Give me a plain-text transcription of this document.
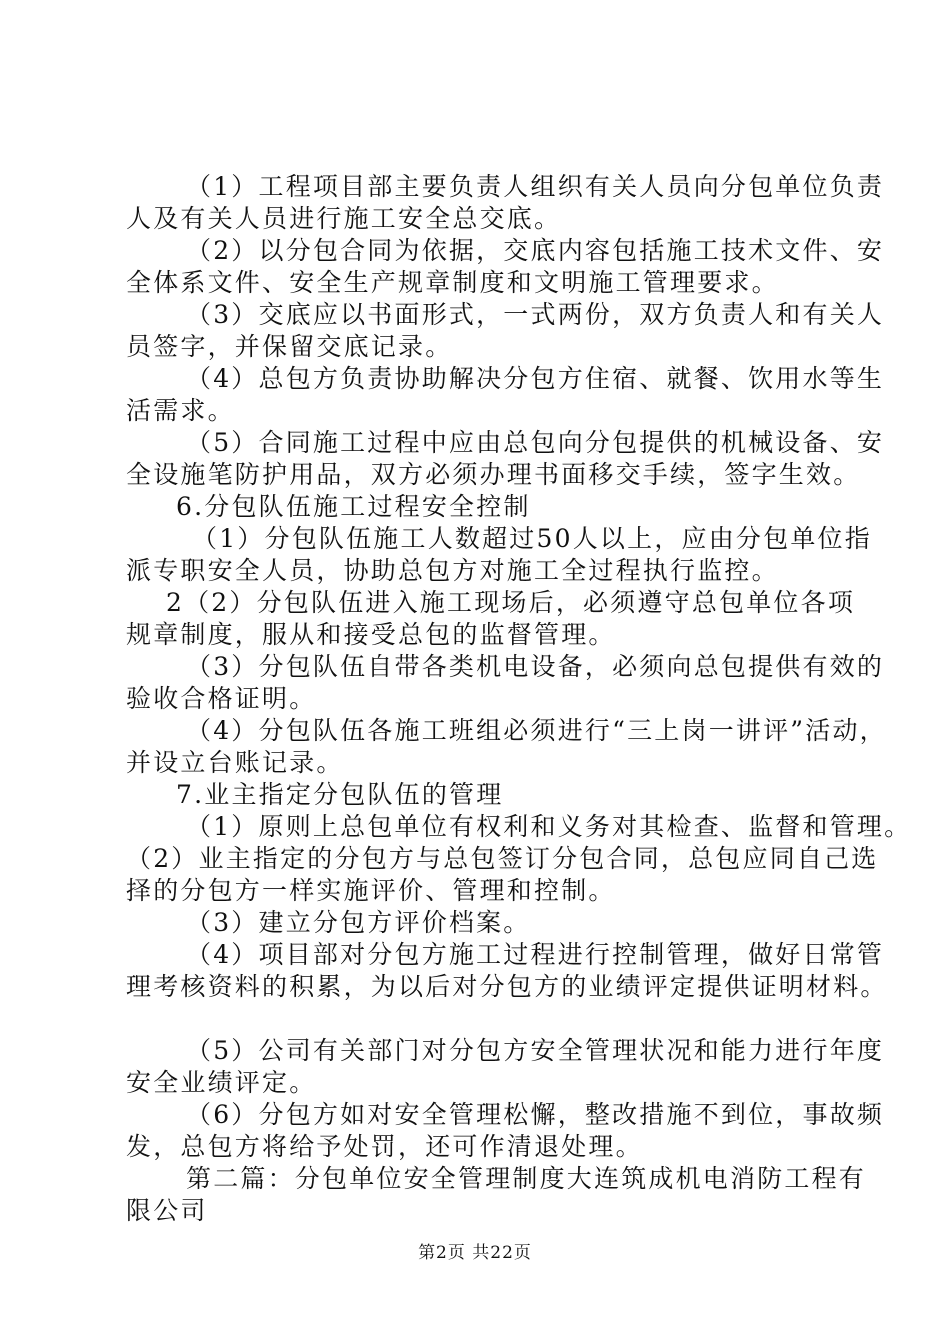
（1）工程项目部主要负责人组织有关人员向分包单位负责
人及有关人员进行施工安全总交底。
（2）以分包合同为依据，交底内容包括施工技术文件、安
全体系文件、安全生产规章制度和文明施工管理要求。
（3）交底应以书面形式，一式两份，双方负责人和有关人
员签字，并保留交底记录。
（4）总包方负责协助解决分包方住宿、就餐、饮用水等生
活需求。
（5）合同施工过程中应由总包向分包提供的机械设备、安
全设施笔防护用品，双方必须办理书面移交手续，签字生效。
6.分包队伍施工过程安全控制
（1）分包队伍施工人数超过50人以上，应由分包单位指
派专职安全人员，协助总包方对施工全过程执行监控。
2（2）分包队伍进入施工现场后，必须遵守总包单位各项
规章制度，服从和接受总包的监督管理。
（3）分包队伍自带各类机电设备，必须向总包提供有效的
验收合格证明。
（4）分包队伍各施工班组必须进行“三上岗一讲评”活动，
并设立台账记录。
7.业主指定分包队伍的管理
（1）原则上总包单位有权利和义务对其检查、监督和管理。
（2）业主指定的分包方与总包签订分包合同，总包应同自己选
择的分包方一样实施评价、管理和控制。
（3）建立分包方评价档案。
（4）项目部对分包方施工过程进行控制管理，做好日常管
理考核资料的积累，为以后对分包方的业绩评定提供证明材料。
（5）公司有关部门对分包方安全管理状况和能力进行年度
安全业绩评定。
（6）分包方如对安全管理松懈，整改措施不到位，事故频
发，总包方将给予处罚，还可作清退处理。
第二篇：分包单位安全管理制度大连筑成机电消防工程有
限公司
第2页 共22页
